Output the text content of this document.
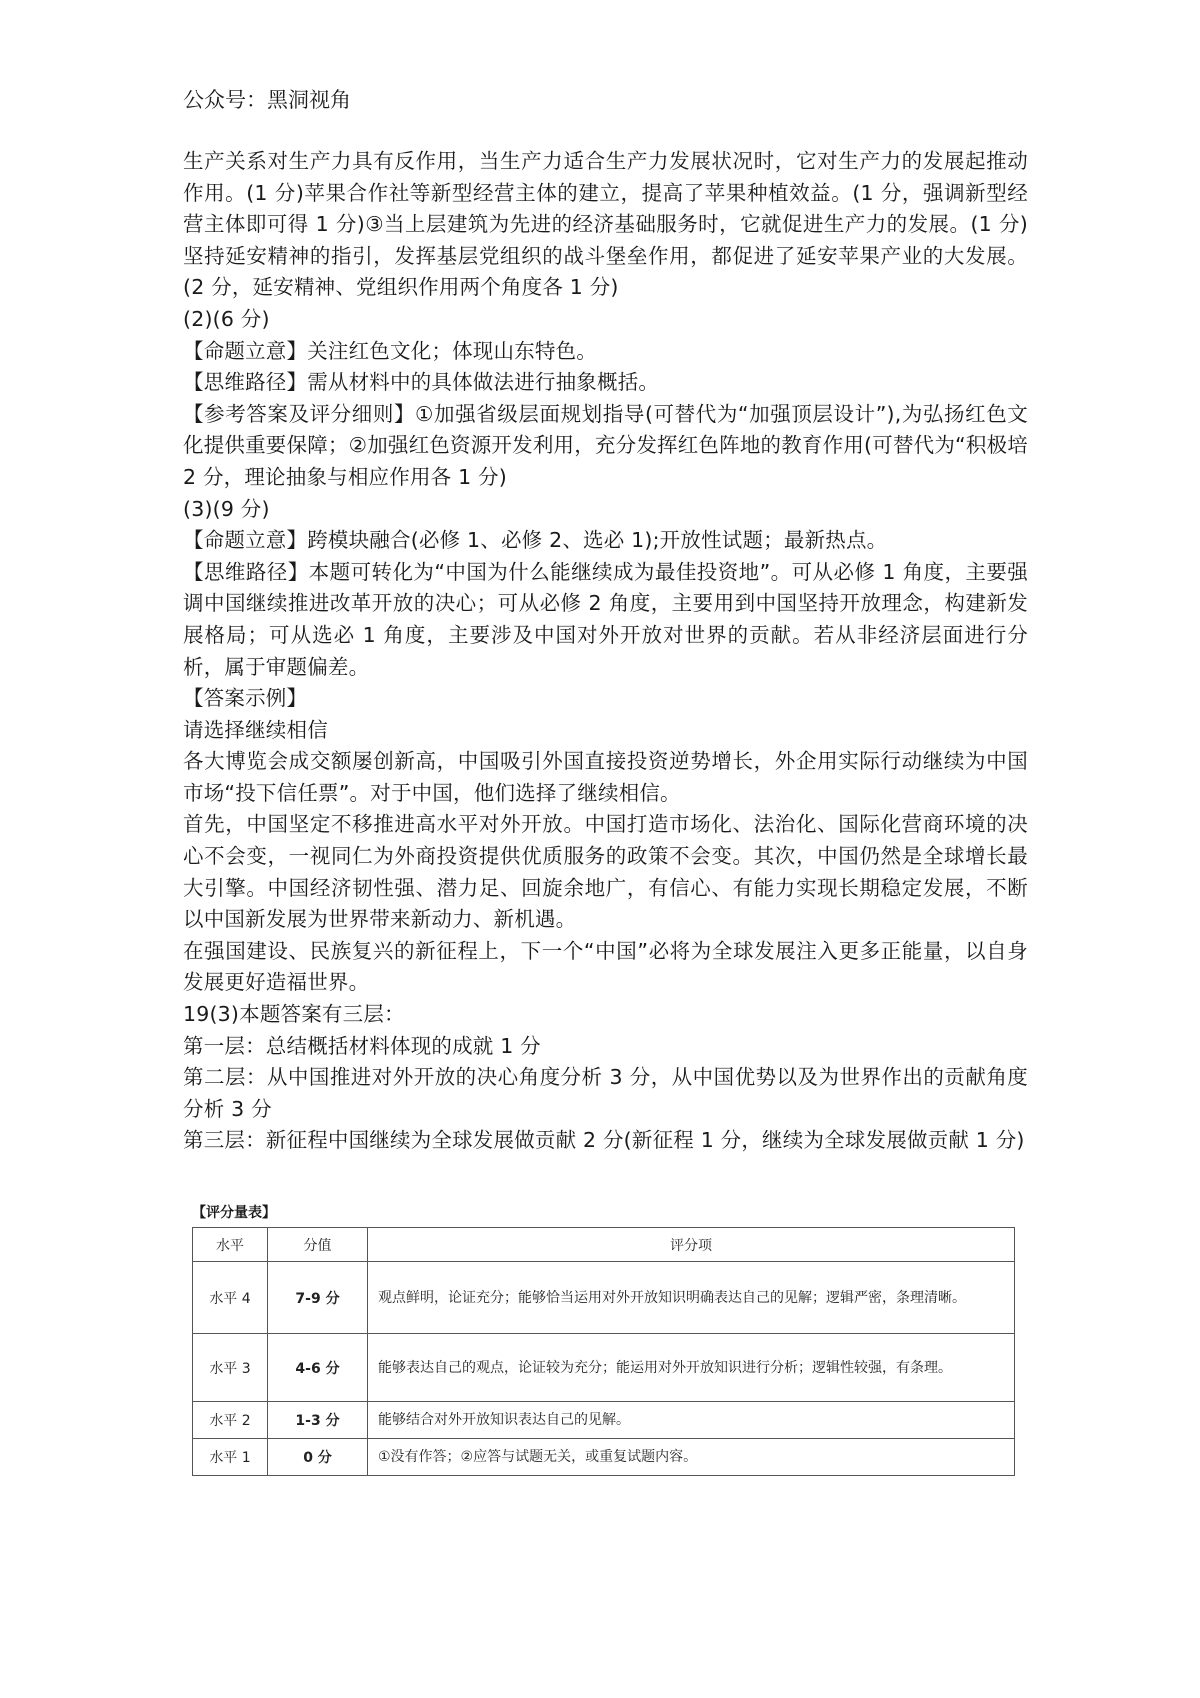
公众号：黑洞视角

生产关系对生产力具有反作用，当生产力适合生产力发展状况时，它对生产力的发展起推动作用。(1 分)苹果合作社等新型经营主体的建立，提高了苹果种植效益。(1 分，强调新型经营主体即可得 1 分)③当上层建筑为先进的经济基础服务时，它就促进生产力的发展。(1 分)坚持延安精神的指引，发挥基层党组织的战斗堡垒作用，都促进了延安苹果产业的大发展。(2 分，延安精神、党组织作用两个角度各 1 分)

(2)(6 分)

【命题立意】关注红色文化；体现山东特色。

【思维路径】需从材料中的具体做法进行抽象概括。

【参考答案及评分细则】①加强省级层面规划指导(可替代为“加强顶层设计”),为弘扬红色文化提供重要保障；②加强红色资源开发利用，充分发挥红色阵地的教育作用(可替代为“积极培 2 分，理论抽象与相应作用各 1 分)

(3)(9 分)

【命题立意】跨模块融合(必修 1、必修 2、选必 1);开放性试题；最新热点。

【思维路径】本题可转化为“中国为什么能继续成为最佳投资地”。可从必修 1 角度，主要强调中国继续推进改革开放的决心；可从必修 2 角度，主要用到中国坚持开放理念，构建新发展格局；可从选必 1 角度，主要涉及中国对外开放对世界的贡献。若从非经济层面进行分析，属于审题偏差。

【答案示例】

请选择继续相信

各大博览会成交额屡创新高，中国吸引外国直接投资逆势增长，外企用实际行动继续为中国市场“投下信任票”。对于中国，他们选择了继续相信。

首先，中国坚定不移推进高水平对外开放。中国打造市场化、法治化、国际化营商环境的决心不会变，一视同仁为外商投资提供优质服务的政策不会变。其次，中国仍然是全球增长最大引擎。中国经济韧性强、潜力足、回旋余地广，有信心、有能力实现长期稳定发展，不断以中国新发展为世界带来新动力、新机遇。

在强国建设、民族复兴的新征程上，下一个“中国”必将为全球发展注入更多正能量，以自身发展更好造福世界。

19(3)本题答案有三层：

第一层：总结概括材料体现的成就 1 分

第二层：从中国推进对外开放的决心角度分析 3 分，从中国优势以及为世界作出的贡献角度分析 3 分

第三层：新征程中国继续为全球发展做贡献 2 分(新征程 1 分，继续为全球发展做贡献 1 分)

【评分量表】
水平	分值	评分项
水平 4	7-9 分	观点鲜明，论证充分；能够恰当运用对外开放知识明确表达自己的见解；逻辑严密，条理清晰。
水平 3	4-6 分	能够表达自己的观点，论证较为充分；能运用对外开放知识进行分析；逻辑性较强，有条理。
水平 2	1-3 分	能够结合对外开放知识表达自己的见解。
水平 1	0 分	①没有作答；②应答与试题无关，或重复试题内容。
